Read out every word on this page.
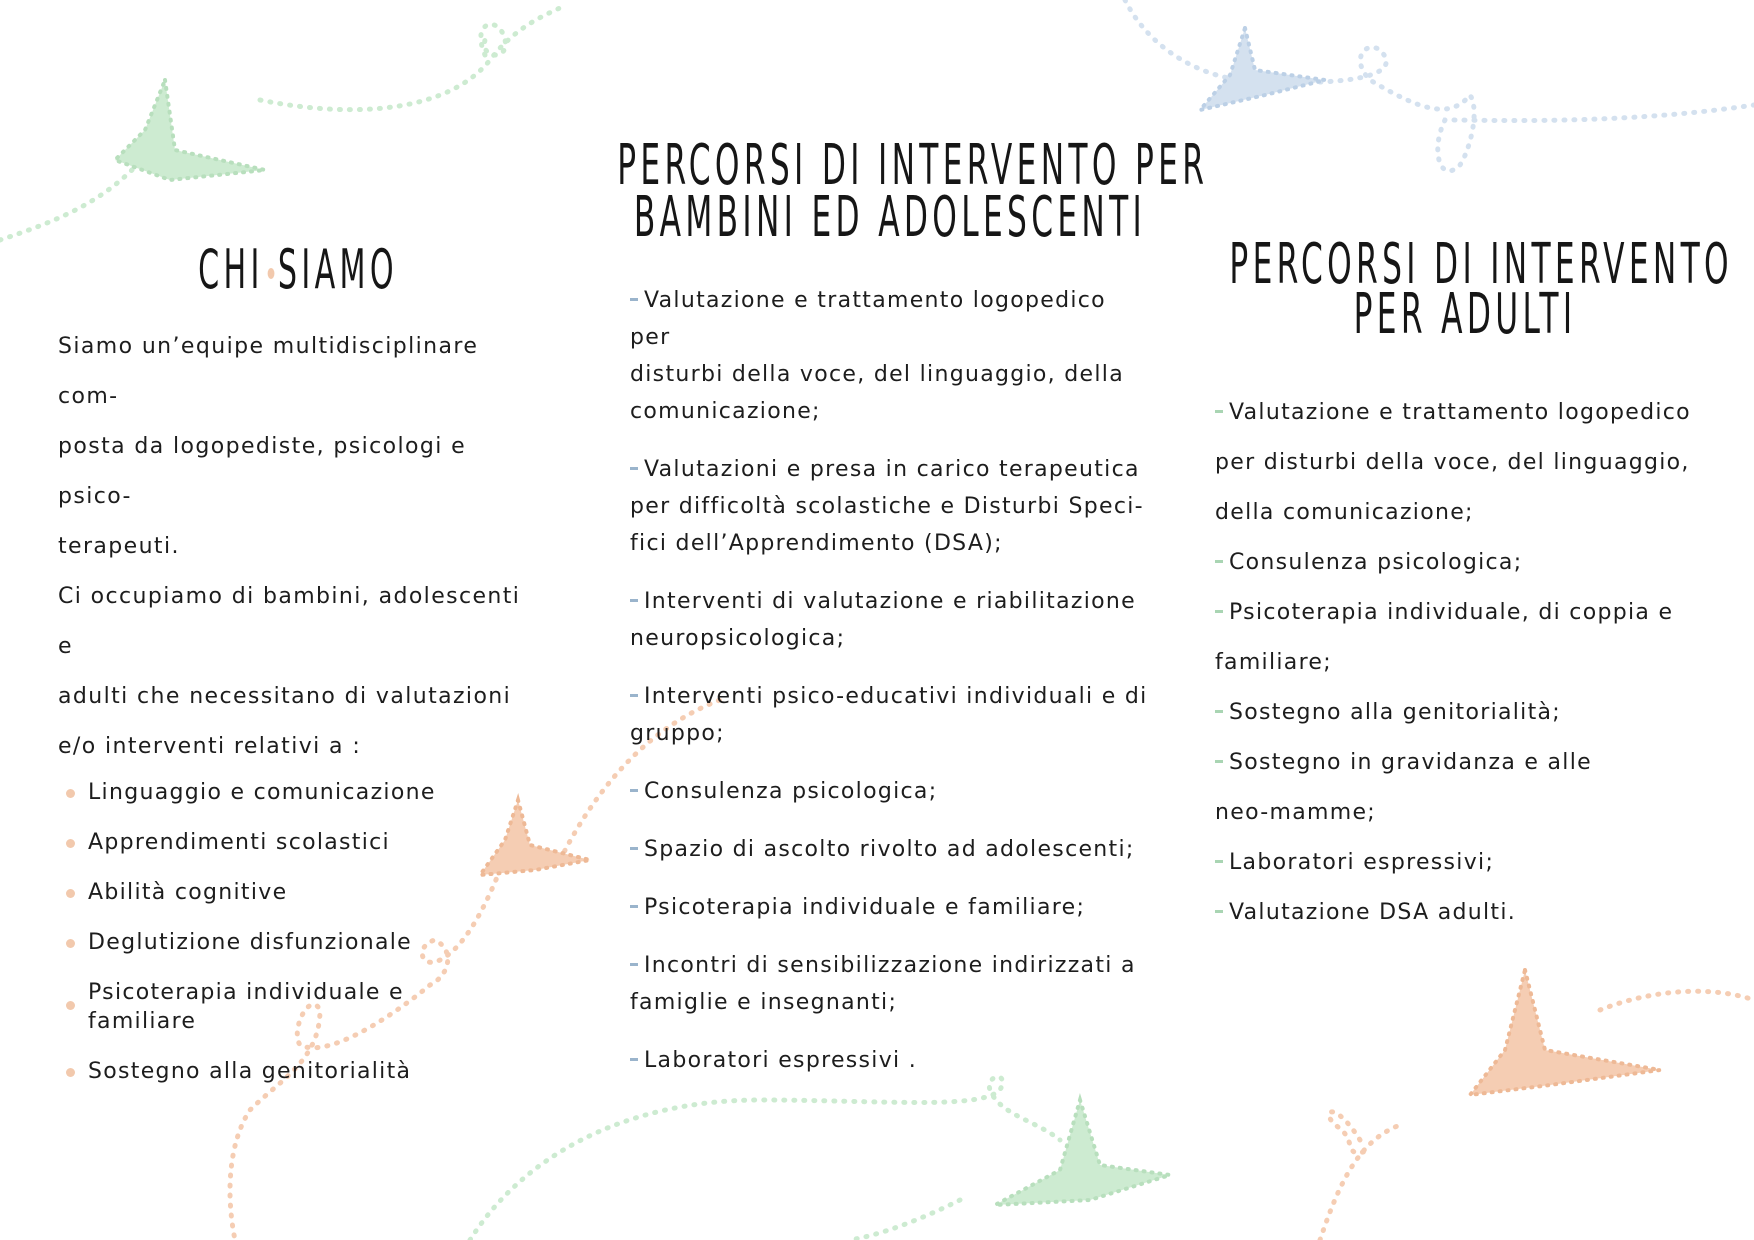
CHI SIAMO
Siamo un’equipe multidisciplinare com-
posta da logopediste, psicologi e psico-
terapeuti.
Ci occupiamo di bambini, adolescenti e
adulti che necessitano di valutazioni
e/o interventi relativi a :
Linguaggio e comunicazione
Apprendimenti scolastici
Abilità cognitive
Deglutizione disfunzionale
Psicoterapia individuale e
familiare
Sostegno alla genitorialità
PERCORSI DI INTERVENTO PER
BAMBINI ED ADOLESCENTI
Valutazione e trattamento logopedico per
disturbi della voce, del linguaggio, della
comunicazione;
Valutazioni e presa in carico terapeutica
per difficoltà scolastiche e Disturbi Speci-
fici dell’Apprendimento (DSA);
Interventi di valutazione e riabilitazione
neuropsicologica;
Interventi psico-educativi individuali e di
gruppo;
Consulenza psicologica;
Spazio di ascolto rivolto ad adolescenti;
Psicoterapia individuale e familiare;
Incontri di sensibilizzazione indirizzati a
famiglie e insegnanti;
Laboratori espressivi .
PERCORSI DI INTERVENTO
PER ADULTI
Valutazione e trattamento logopedico
per disturbi della voce, del linguaggio,
della comunicazione;
Consulenza psicologica;
Psicoterapia individuale, di coppia e
familiare;
Sostegno alla genitorialità;
Sostegno in gravidanza e alle
neo-mamme;
Laboratori espressivi;
Valutazione DSA adulti.
